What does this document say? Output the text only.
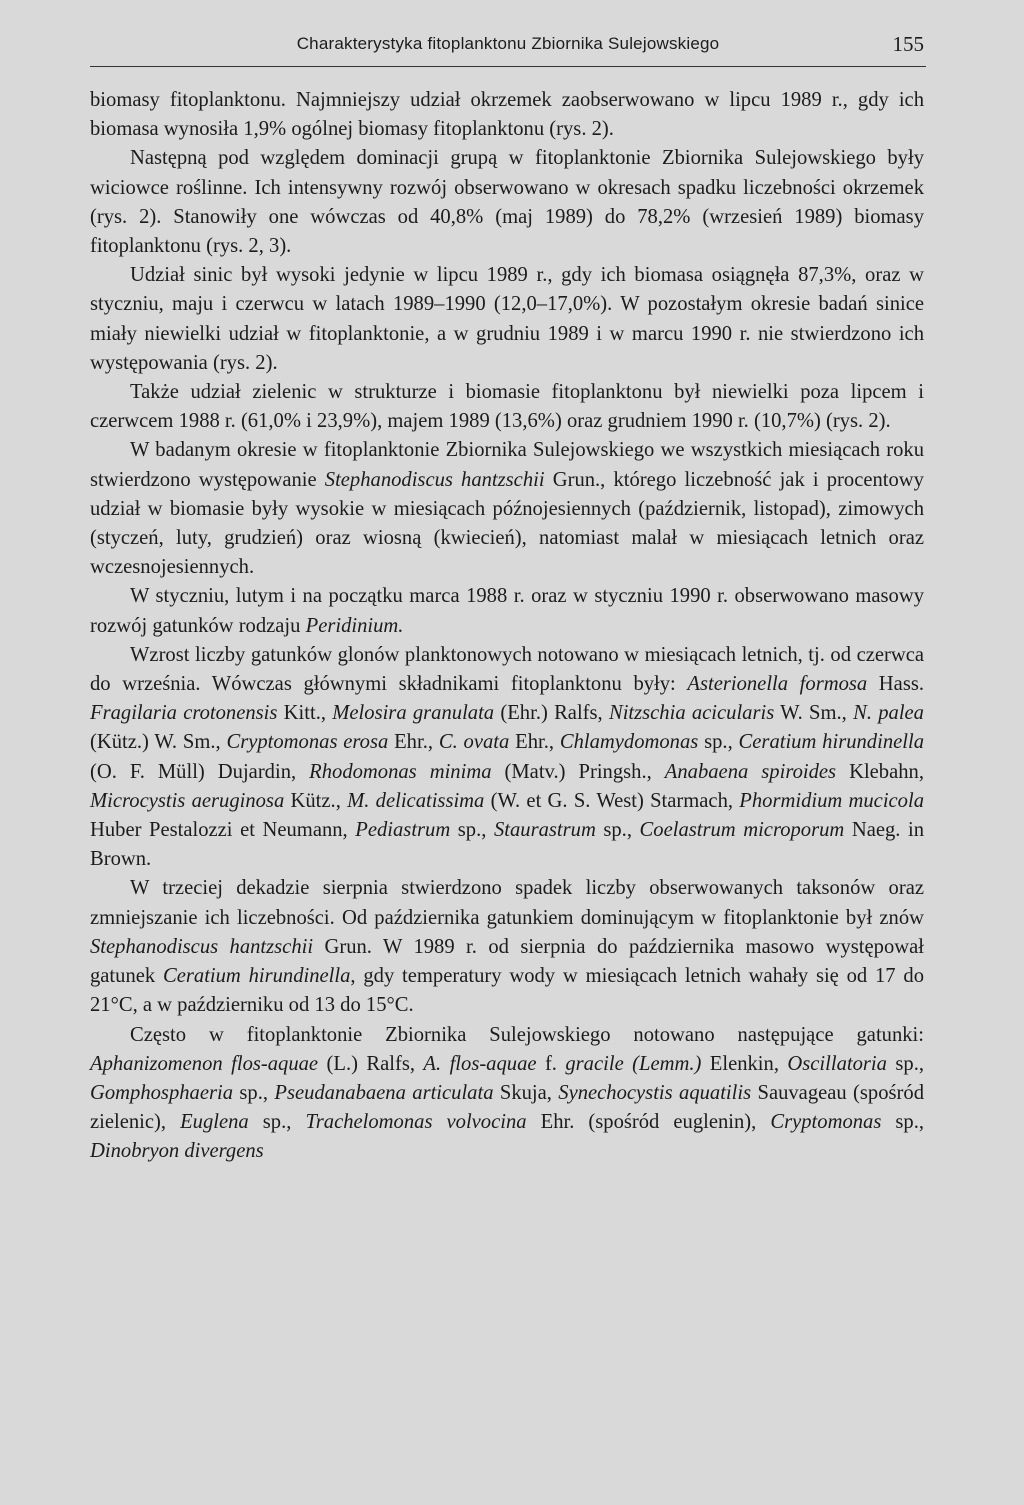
Charakterystyka fitoplanktonu Zbiornika Sulejowskiego	155

biomasy fitoplanktonu. Najmniejszy udział okrzemek zaobserwowano w lipcu 1989 r., gdy ich biomasa wynosiła 1,9% ogólnej biomasy fitoplanktonu (rys. 2).

Następną pod względem dominacji grupą w fitoplanktonie Zbiornika Sulejowskiego były wiciowce roślinne. Ich intensywny rozwój obserwowano w okresach spadku liczebności okrzemek (rys. 2). Stanowiły one wówczas od 40,8% (maj 1989) do 78,2% (wrzesień 1989) biomasy fitoplanktonu (rys. 2, 3).

Udział sinic był wysoki jedynie w lipcu 1989 r., gdy ich biomasa osiągnęła 87,3%, oraz w styczniu, maju i czerwcu w latach 1989–1990 (12,0–17,0%). W pozostałym okresie badań sinice miały niewielki udział w fitoplanktonie, a w grudniu 1989 i w marcu 1990 r. nie stwierdzono ich występowania (rys. 2).

Także udział zielenic w strukturze i biomasie fitoplanktonu był niewielki poza lipcem i czerwcem 1988 r. (61,0% i 23,9%), majem 1989 (13,6%) oraz grudniem 1990 r. (10,7%) (rys. 2).

W badanym okresie w fitoplanktonie Zbiornika Sulejowskiego we wszystkich miesiącach roku stwierdzono występowanie Stephanodiscus hantzschii Grun., którego liczebność jak i procentowy udział w biomasie były wysokie w miesiącach późnojesiennych (październik, listopad), zimowych (styczeń, luty, grudzień) oraz wiosną (kwiecień), natomiast malał w miesiącach letnich oraz wczesnojesiennych.

W styczniu, lutym i na początku marca 1988 r. oraz w styczniu 1990 r. obserwowano masowy rozwój gatunków rodzaju Peridinium.

Wzrost liczby gatunków glonów planktonowych notowano w miesiącach letnich, tj. od czerwca do września. Wówczas głównymi składnikami fitoplanktonu były: Asterionella formosa Hass. Fragilaria crotonensis Kitt., Melosira granulata (Ehr.) Ralfs, Nitzschia acicularis W. Sm., N. palea (Kütz.) W. Sm., Cryptomonas erosa Ehr., C. ovata Ehr., Chlamydomonas sp., Ceratium hirundinella (O. F. Müll) Dujardin, Rhodomonas minima (Matv.) Pringsh., Anabaena spiroides Klebahn, Microcystis aeruginosa Kütz., M. delicatissima (W. et G. S. West) Starmach, Phormidium mucicola Huber Pestalozzi et Neumann, Pediastrum sp., Staurastrum sp., Coelastrum microporum Naeg. in Brown.

W trzeciej dekadzie sierpnia stwierdzono spadek liczby obserwowanych taksonów oraz zmniejszanie ich liczebności. Od października gatunkiem dominującym w fitoplanktonie był znów Stephanodiscus hantzschii Grun. W 1989 r. od sierpnia do października masowo występował gatunek Ceratium hirundinella, gdy temperatury wody w miesiącach letnich wahały się od 17 do 21°C, a w październiku od 13 do 15°C.

Często w fitoplanktonie Zbiornika Sulejowskiego notowano następujące gatunki: Aphanizomenon flos-aquae (L.) Ralfs, A. flos-aquae f. gracile (Lemm.) Elenkin, Oscillatoria sp., Gomphosphaeria sp., Pseudanabaena articulata Skuja, Synechocystis aquatilis Sauvageau (spośród zielenic), Euglena sp., Trachelomonas volvocina Ehr. (spośród euglenin), Cryptomonas sp., Dinobryon divergens
